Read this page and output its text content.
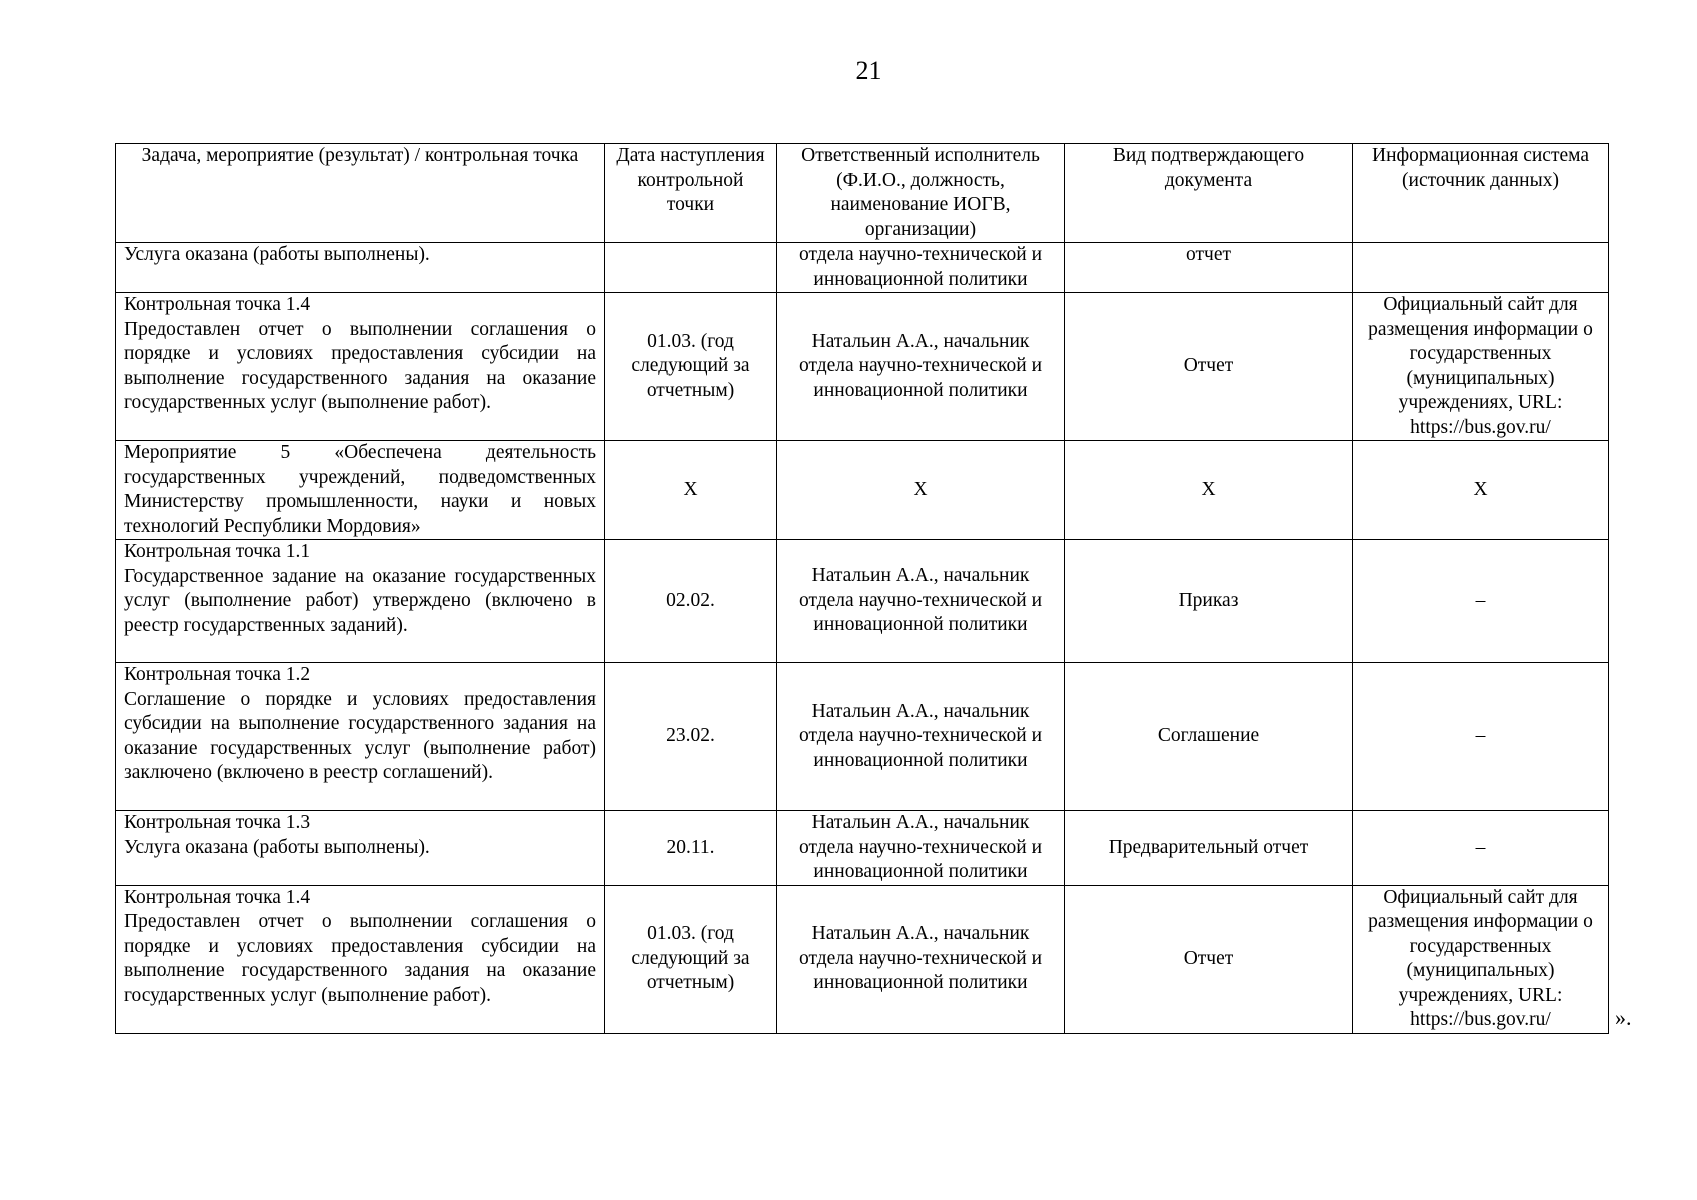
21
Задача, мероприятие (результат) / контрольная точка	Дата наступления контрольной точки	Ответственный исполнитель (Ф.И.О., должность, наименование ИОГВ, организации)	Вид подтверждающего документа	Информационная система (источник данных)

Услуга оказана (работы выполнены).		отдела научно-технической и инновационной политики	отчет	

Контрольная точка 1.4
Предоставлен отчет о выполнении соглашения о порядке и условиях предоставления субсидии на выполнение государственного задания на оказание государственных услуг (выполнение работ).	01.03. (год следующий за отчетным)	Натальин А.А., начальник отдела научно-технической и инновационной политики	Отчет	Официальный сайт для размещения информации о государственных (муниципальных) учреждениях, URL: https://bus.gov.ru/

Мероприятие 5 «Обеспечена деятельность государственных учреждений, подведомственных Министерству промышленности, науки и новых технологий Республики Мордовия»	Х	Х	Х	Х

Контрольная точка 1.1
Государственное задание на оказание государственных услуг (выполнение работ) утверждено (включено в реестр государственных заданий).	02.02.	Натальин А.А., начальник отдела научно-технической и инновационной политики	Приказ	–

Контрольная точка 1.2
Соглашение о порядке и условиях предоставления субсидии на выполнение государственного задания на оказание государственных услуг (выполнение работ) заключено (включено в реестр соглашений).	23.02.	Натальин А.А., начальник отдела научно-технической и инновационной политики	Соглашение	–

Контрольная точка 1.3
Услуга оказана (работы выполнены).	20.11.	Натальин А.А., начальник отдела научно-технической и инновационной политики	Предварительный отчет	–

Контрольная точка 1.4
Предоставлен отчет о выполнении соглашения о порядке и условиях предоставления субсидии на выполнение государственного задания на оказание государственных услуг (выполнение работ).	01.03. (год следующий за отчетным)	Натальин А.А., начальник отдела научно-технической и инновационной политики	Отчет	Официальный сайт для размещения информации о государственных (муниципальных) учреждениях, URL: https://bus.gov.ru/	».
